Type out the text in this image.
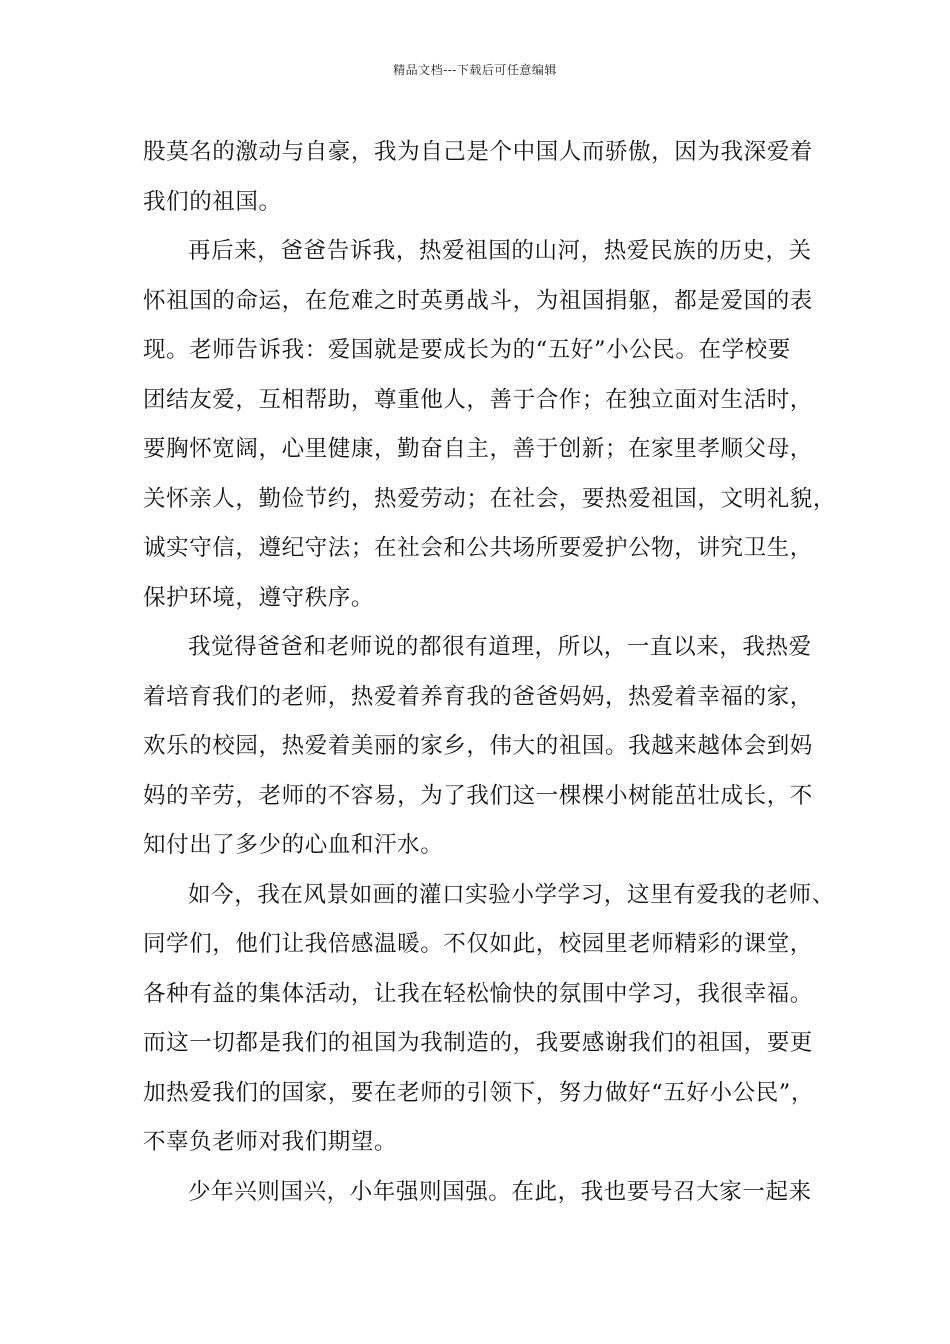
精品文档---下载后可任意编辑
股莫名的激动与自豪，我为自己是个中国人而骄傲，因为我深爱着
我们的祖国。
再后来，爸爸告诉我，热爱祖国的山河，热爱民族的历史，关
怀祖国的命运，在危难之时英勇战斗，为祖国捐躯，都是爱国的表
现。老师告诉我：爱国就是要成长为的“五好”小公民。在学校要
团结友爱，互相帮助，尊重他人，善于合作；在独立面对生活时，
要胸怀宽阔，心里健康，勤奋自主，善于创新；在家里孝顺父母，
关怀亲人，勤俭节约，热爱劳动；在社会，要热爱祖国，文明礼貌，
诚实守信，遵纪守法；在社会和公共场所要爱护公物，讲究卫生，
保护环境，遵守秩序。
我觉得爸爸和老师说的都很有道理，所以，一直以来，我热爱
着培育我们的老师，热爱着养育我的爸爸妈妈，热爱着幸福的家，
欢乐的校园，热爱着美丽的家乡，伟大的祖国。我越来越体会到妈
妈的辛劳，老师的不容易，为了我们这一棵棵小树能茁壮成长，不
知付出了多少的心血和汗水。
如今，我在风景如画的灌口实验小学学习，这里有爱我的老师、
同学们，他们让我倍感温暖。不仅如此，校园里老师精彩的课堂，
各种有益的集体活动，让我在轻松愉快的氛围中学习，我很幸福。
而这一切都是我们的祖国为我制造的，我要感谢我们的祖国，要更
加热爱我们的国家，要在老师的引领下，努力做好“五好小公民”，
不辜负老师对我们期望。
少年兴则国兴，小年强则国强。在此，我也要号召大家一起来
